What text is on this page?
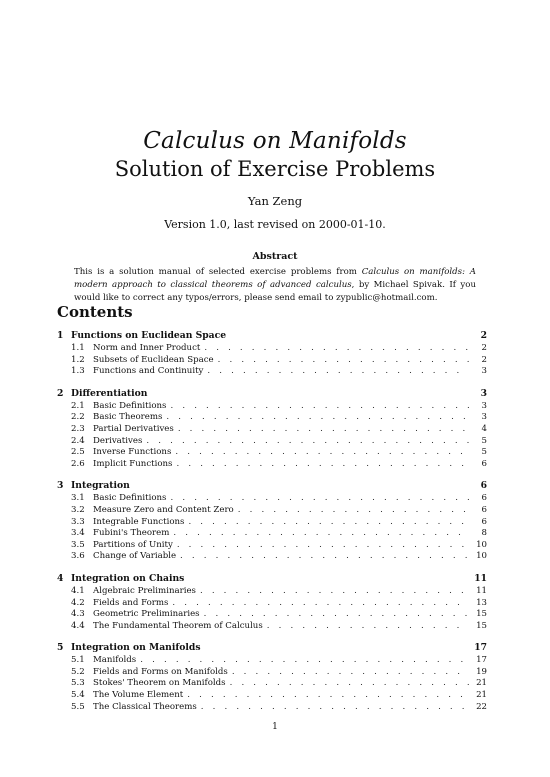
Calculus on Manifolds
Solution of Exercise Problems
Yan Zeng
Version 1.0, last revised on 2000-01-10.
Abstract
This is a solution manual of selected exercise problems from Calculus on manifolds: A modern approach to classical theorems of advanced calculus, by Michael Spivak. If you would like to correct any typos/errors, please send email to zypublic@hotmail.com.
Contents
1 Functions on Euclidean Space	2
1.1 Norm and Inner Product . . .	2
1.2 Subsets of Euclidean Space . . .	2
1.3 Functions and Continuity . . .	3
2 Differentiation	3
2.1 Basic Definitions . . .	3
2.2 Basic Theorems . . .	3
2.3 Partial Derivatives . . .	4
2.4 Derivatives . . .	5
2.5 Inverse Functions . . .	5
2.6 Implicit Functions . . .	6
3 Integration	6
3.1 Basic Definitions . . .	6
3.2 Measure Zero and Content Zero . . .	6
3.3 Integrable Functions . . .	6
3.4 Fubini's Theorem . . .	8
3.5 Partitions of Unity . . .	10
3.6 Change of Variable . . .	10
4 Integration on Chains	11
4.1 Algebraic Preliminaries . . .	11
4.2 Fields and Forms . . .	13
4.3 Geometric Preliminaries . . .	15
4.4 The Fundamental Theorem of Calculus . . .	15
5 Integration on Manifolds	17
5.1 Manifolds . . .	17
5.2 Fields and Forms on Manifolds . . .	19
5.3 Stokes' Theorem on Manifolds . . .	21
5.4 The Volume Element . . .	21
5.5 The Classical Theorems . . .	22
1
